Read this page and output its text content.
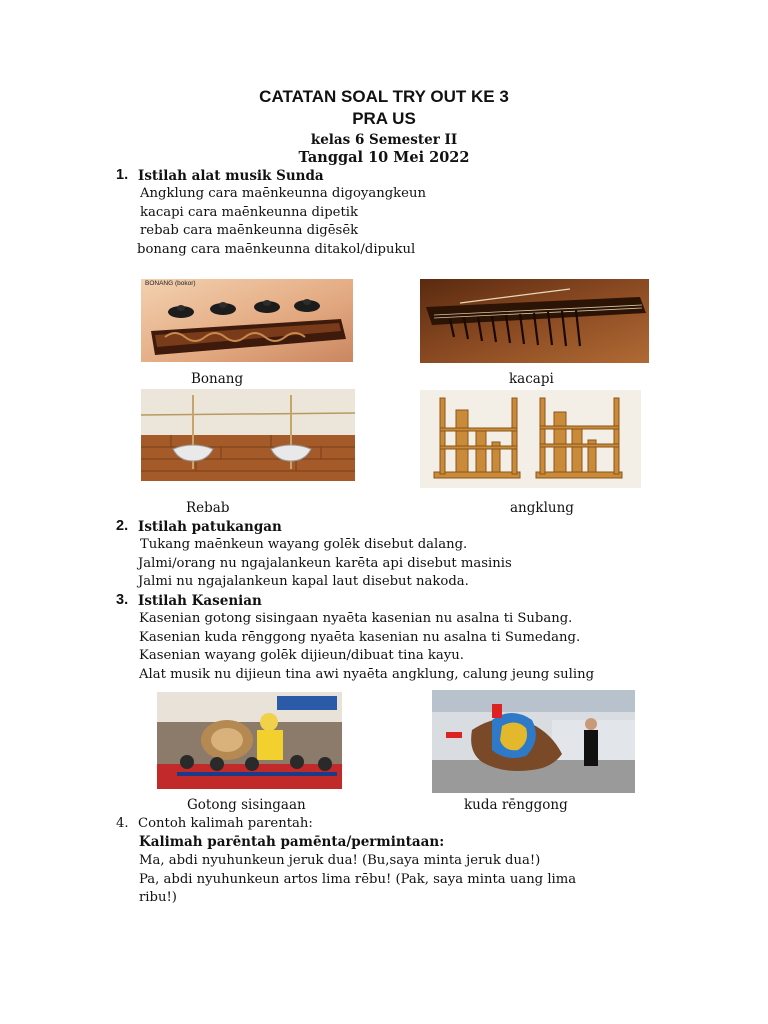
CATATAN SOAL TRY OUT KE 3
PRA US
kelas 6 Semester II
Tanggal 10 Mei 2022
1. Istilah alat musik Sunda
Angklung cara maēnkeunna digoyangkeun
kacapi cara maēnkeunna dipetik
rebab cara maēnkeunna digēsēk
bonang cara maēnkeunna ditakol/dipukul
BONANG (bokor)
Bonang	kacapi
Rebab	angklung
2. Istilah patukangan
Tukang maēnkeun wayang golēk disebut dalang.
Jalmi/orang nu ngajalankeun karēta api disebut masinis
Jalmi nu ngajalankeun kapal laut disebut nakoda.
3. Istilah Kasenian
Kasenian gotong sisingaan nyaēta kasenian nu asalna ti Subang.
Kasenian kuda rēnggong nyaēta kasenian nu asalna ti Sumedang.
Kasenian wayang golēk dijieun/dibuat tina kayu.
Alat musik nu dijieun tina awi nyaēta angklung, calung jeung suling
Gotong sisingaan	kuda rēnggong
4. Contoh kalimah parentah:
Kalimah parēntah pamēnta/permintaan:
Ma, abdi nyuhunkeun jeruk dua! (Bu,saya minta jeruk dua!)
Pa, abdi nyuhunkeun artos lima rēbu! (Pak, saya minta uang lima
ribu!)
